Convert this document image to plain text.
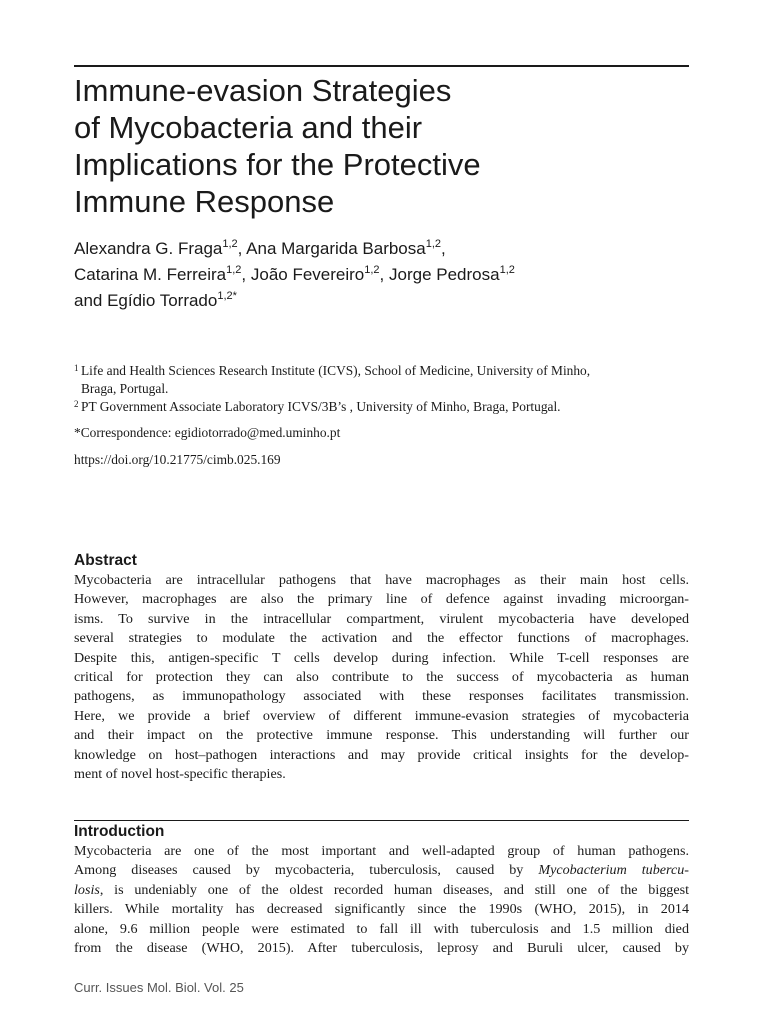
Immune-evasion Strategies
of Mycobacteria and their
Implications for the Protective
Immune Response
Alexandra G. Fraga$^{1,2}$, Ana Margarida Barbosa$^{1,2}$,
Catarina M. Ferreira$^{1,2}$, João Fevereiro$^{1,2}$, Jorge Pedrosa$^{1,2}$
and Egídio Torrado$^{1,2*}$
1 Life and Health Sciences Research Institute (ICVS), School of Medicine, University of Minho,
Braga, Portugal.
2 PT Government Associate Laboratory ICVS/3B’s , University of Minho, Braga, Portugal.
*Correspondence: egidiotorrado@med.uminho.pt
https://doi.org/10.21775/cimb.025.169
Abstract
Mycobacteria are intracellular pathogens that have macrophages as their main host cells.
However, macrophages are also the primary line of defence against invading microorgan-
isms. To survive in the intracellular compartment, virulent mycobacteria have developed
several strategies to modulate the activation and the effector functions of macrophages.
Despite this, antigen-specific T cells develop during infection. While T-cell responses are
critical for protection they can also contribute to the success of mycobacteria as human
pathogens, as immunopathology associated with these responses facilitates transmission.
Here, we provide a brief overview of different immune-evasion strategies of mycobacteria
and their impact on the protective immune response. This understanding will further our
knowledge on host–pathogen interactions and may provide critical insights for the develop-
ment of novel host-specific therapies.
Introduction
Mycobacteria are one of the most important and well-adapted group of human pathogens.
Among diseases caused by mycobacteria, tuberculosis, caused by Mycobacterium tubercu-
losis, is undeniably one of the oldest recorded human diseases, and still one of the biggest
killers. While mortality has decreased significantly since the 1990s (WHO, 2015), in 2014
alone, 9.6 million people were estimated to fall ill with tuberculosis and 1.5 million died
from the disease (WHO, 2015). After tuberculosis, leprosy and Buruli ulcer, caused by
Curr. Issues Mol. Biol. Vol. 25
